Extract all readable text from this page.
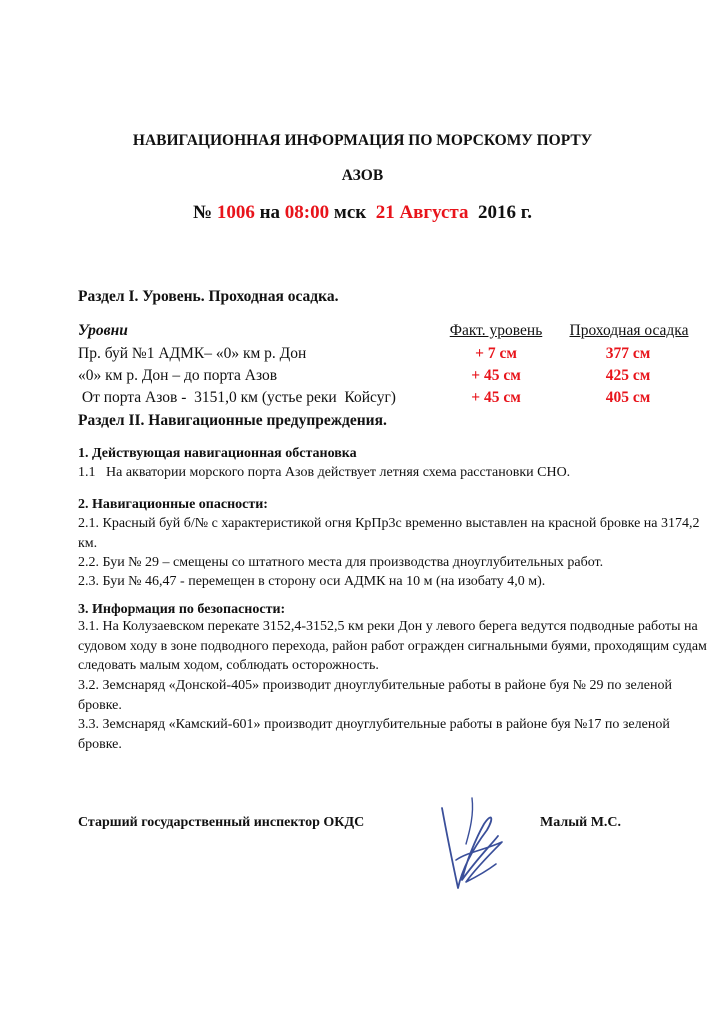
НАВИГАЦИОННАЯ ИНФОРМАЦИЯ ПО МОРСКОМУ ПОРТУ
АЗОВ
№ 1006 на 08:00 мск 21 Августа 2016 г.
Раздел I. Уровень. Проходная осадка.
Уровни	Факт. уровень	Проходная осадка
Пр. буй №1 АДМК– «0» км р. Дон	+ 7 см	377 см
«0» км р. Дон – до порта Азов	+ 45 см	425 см
От порта Азов -  3151,0 км (устье реки  Койсуг)	+ 45 см	405 см
Раздел II. Навигационные предупреждения.
1. Действующая навигационная обстановка
1.1   На акватории морского порта Азов действует летняя схема расстановки СНО.
2. Навигационные опасности:
2.1. Красный буй б/№ с характеристикой огня КрПр3с временно выставлен на красной бровке на 3174,2 км.
2.2. Буи № 29 – смещены со штатного места для производства дноуглубительных работ.
2.3. Буи № 46,47 - перемещен в сторону оси АДМК на 10 м (на изобату 4,0 м).
3. Информация по безопасности:
3.1. На Колузаевском перекате 3152,4-3152,5 км реки Дон у левого берега ведутся подводные работы на судовом ходу в зоне подводного перехода, район работ огражден сигнальными буями, проходящим судам следовать малым ходом, соблюдать осторожность.
3.2. Земснаряд «Донской-405» производит дноуглубительные работы в районе буя № 29 по зеленой бровке.
3.3. Земснаряд «Камский-601» производит дноуглубительные работы в районе буя №17 по зеленой бровке.
Старший государственный инспектор ОКДС	Малый М.С.
